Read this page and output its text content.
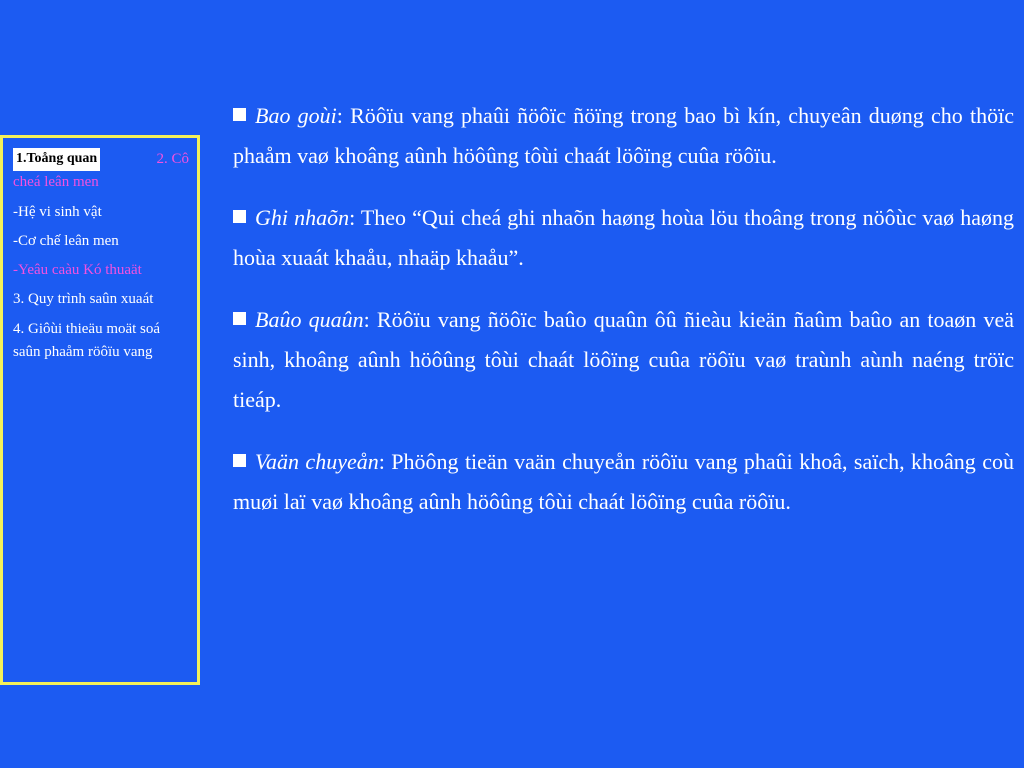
1.Toång quan	2. Cô
cheá leân men
-Hệ vi sinh vật
-Cơ chế leân men
-Yeâu caàu Kó thuaät
3. Quy trình saûn xuaát
4. Giôùi thieäu moät soá saûn phaåm röôïu vang

Bao goùi: Röôïu vang phaûi ñöôïc ñöïng trong bao bì kín, chuyeân duøng cho thöïc phaåm vaø khoâng aûnh höôûng tôùi chaát löôïng cuûa röôïu.

Ghi nhaõn: Theo “Qui cheá ghi nhaõn haøng hoùa löu thoâng trong nöôùc vaø haøng hoùa xuaát khaåu, nhaäp khaåu”.

Baûo quaûn: Röôïu vang ñöôïc baûo quaûn ôû ñieàu kieän ñaûm baûo an toaøn veä sinh, khoâng aûnh höôûng tôùi chaát löôïng cuûa röôïu vaø traùnh aùnh naéng tröïc tieáp.

Vaän chuyeån: Phöông tieän vaän chuyeån röôïu vang phaûi khoâ, saïch, khoâng coù muøi laï vaø khoâng aûnh höôûng tôùi chaát löôïng cuûa röôïu.
